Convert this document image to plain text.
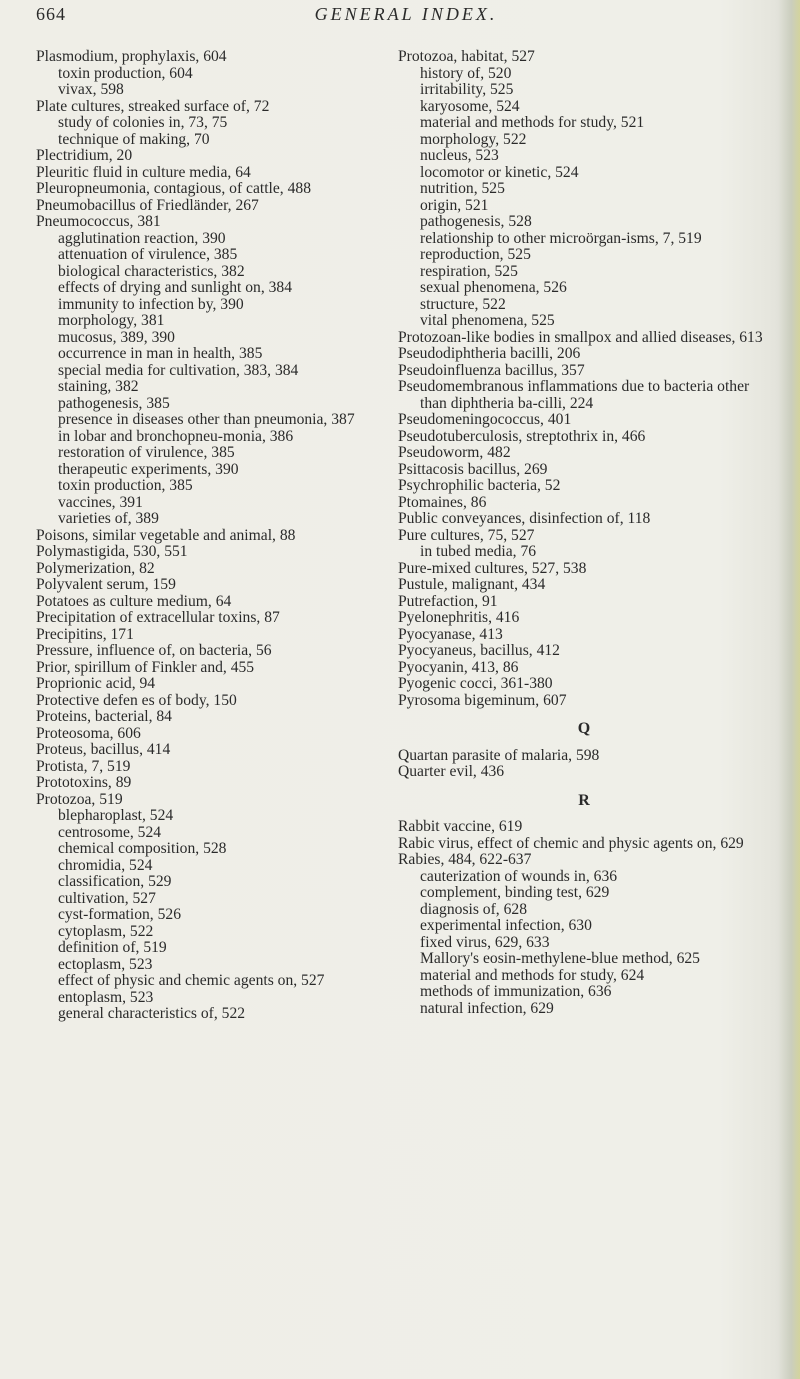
664	GENERAL INDEX.
Plasmodium, prophylaxis, 604
toxin production, 604
vivax, 598
Plate cultures, streaked surface of, 72
study of colonies in, 73, 75
technique of making, 70
Plectridium, 20
Pleuritic fluid in culture media, 64
Pleuropneumonia, contagious, of cattle, 488
Pneumobacillus of Friedländer, 267
Pneumococcus, 381
agglutination reaction, 390
attenuation of virulence, 385
biological characteristics, 382
effects of drying and sunlight on, 384
immunity to infection by, 390
morphology, 381
mucosus, 389, 390
occurrence in man in health, 385
special media for cultivation, 383, 384
staining, 382
pathogenesis, 385
presence in diseases other than pneumonia, 387
in lobar and bronchopneu-monia, 386
restoration of virulence, 385
therapeutic experiments, 390
toxin production, 385
vaccines, 391
varieties of, 389
Poisons, similar vegetable and animal, 88
Polymastigida, 530, 551
Polymerization, 82
Polyvalent serum, 159
Potatoes as culture medium, 64
Precipitation of extracellular toxins, 87
Precipitins, 171
Pressure, influence of, on bacteria, 56
Prior, spirillum of Finkler and, 455
Proprionic acid, 94
Protective defen es of body, 150
Proteins, bacterial, 84
Proteosoma, 606
Proteus, bacillus, 414
Protista, 7, 519
Prototoxins, 89
Protozoa, 519
blepharoplast, 524
centrosome, 524
chemical composition, 528
chromidia, 524
classification, 529
cultivation, 527
cyst-formation, 526
cytoplasm, 522
definition of, 519
ectoplasm, 523
effect of physic and chemic agents on, 527
entoplasm, 523
general characteristics of, 522
Protozoa, habitat, 527
history of, 520
irritability, 525
karyosome, 524
material and methods for study, 521
morphology, 522
nucleus, 523
locomotor or kinetic, 524
nutrition, 525
origin, 521
pathogenesis, 528
relationship to other microörgan-isms, 7, 519
reproduction, 525
respiration, 525
sexual phenomena, 526
structure, 522
vital phenomena, 525
Protozoan-like bodies in smallpox and allied diseases, 613
Pseudodiphtheria bacilli, 206
Pseudoinfluenza bacillus, 357
Pseudomembranous inflammations due to bacteria other than diphtheria ba-cilli, 224
Pseudomeningococcus, 401
Pseudotuberculosis, streptothrix in, 466
Pseudoworm, 482
Psittacosis bacillus, 269
Psychrophilic bacteria, 52
Ptomaines, 86
Public conveyances, disinfection of, 118
Pure cultures, 75, 527
in tubed media, 76
Pure-mixed cultures, 527, 538
Pustule, malignant, 434
Putrefaction, 91
Pyelonephritis, 416
Pyocyanase, 413
Pyocyaneus, bacillus, 412
Pyocyanin, 413, 86
Pyogenic cocci, 361-380
Pyrosoma bigeminum, 607
Q
Quartan parasite of malaria, 598
Quarter evil, 436
R
Rabbit vaccine, 619
Rabic virus, effect of chemic and physic agents on, 629
Rabies, 484, 622-637
cauterization of wounds in, 636
complement, binding test, 629
diagnosis of, 628
experimental infection, 630
fixed virus, 629, 633
Mallory's eosin-methylene-blue method, 625
material and methods for study, 624
methods of immunization, 636
natural infection, 629
